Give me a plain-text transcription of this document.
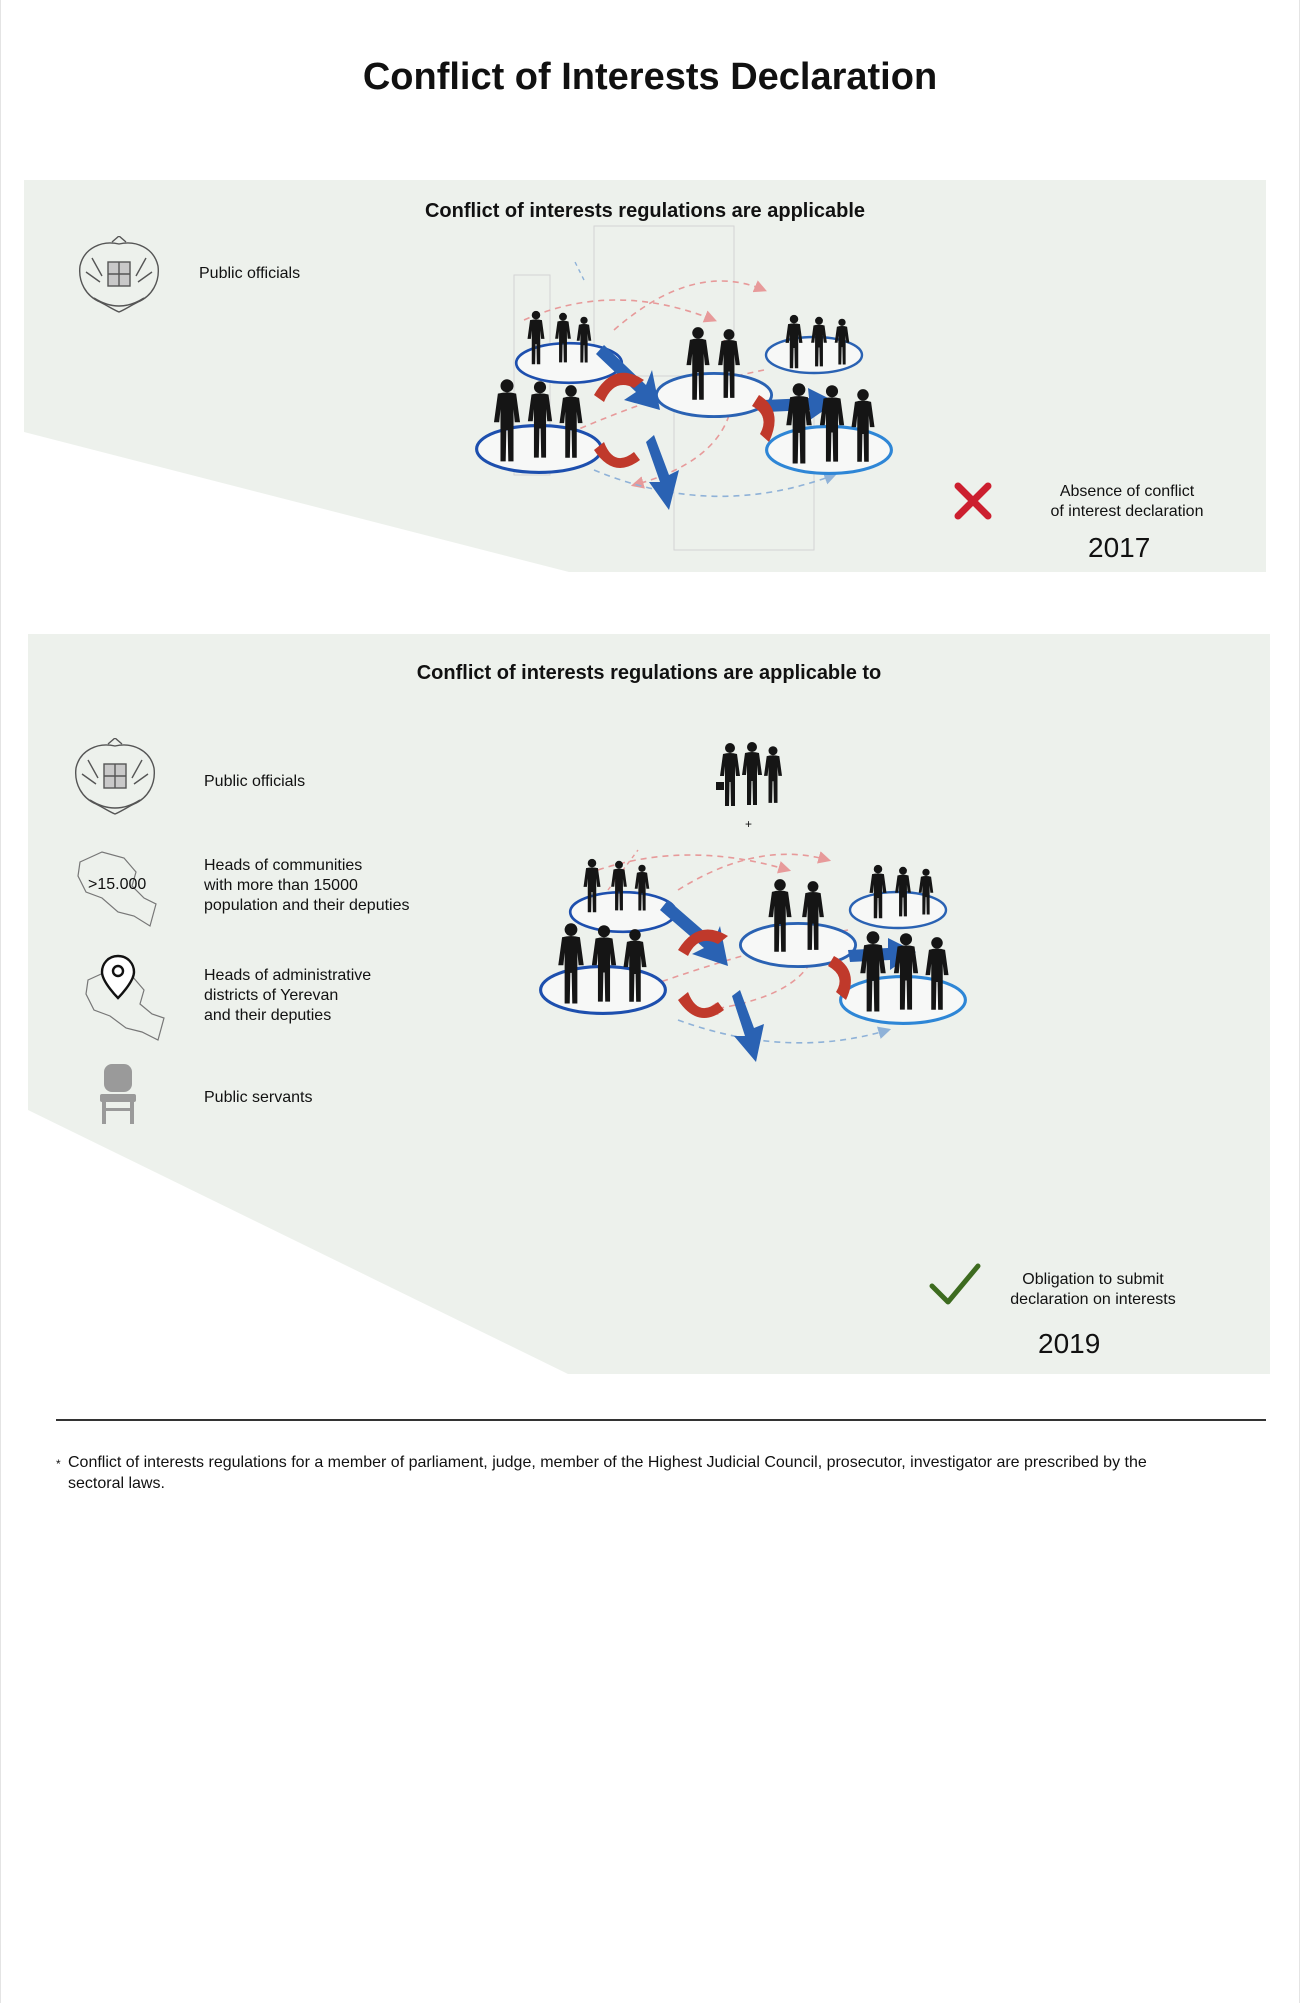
Conflict of Interests Declaration
Conflict of interests regulations are applicable
Public officials
Absence of conflict
of interest declaration
2017
Conflict of interests regulations are applicable to
Public officials
>15.000
Heads of communities
with more than 15000
population and their deputies
Heads of administrative
districts of Yerevan
and their deputies
Public servants
+
Obligation to submit
declaration on interests
2019
* Conflict of interests regulations for a member of parliament, judge, member of the Highest Judicial Council, prosecutor, investigator are prescribed by the sectoral laws.
